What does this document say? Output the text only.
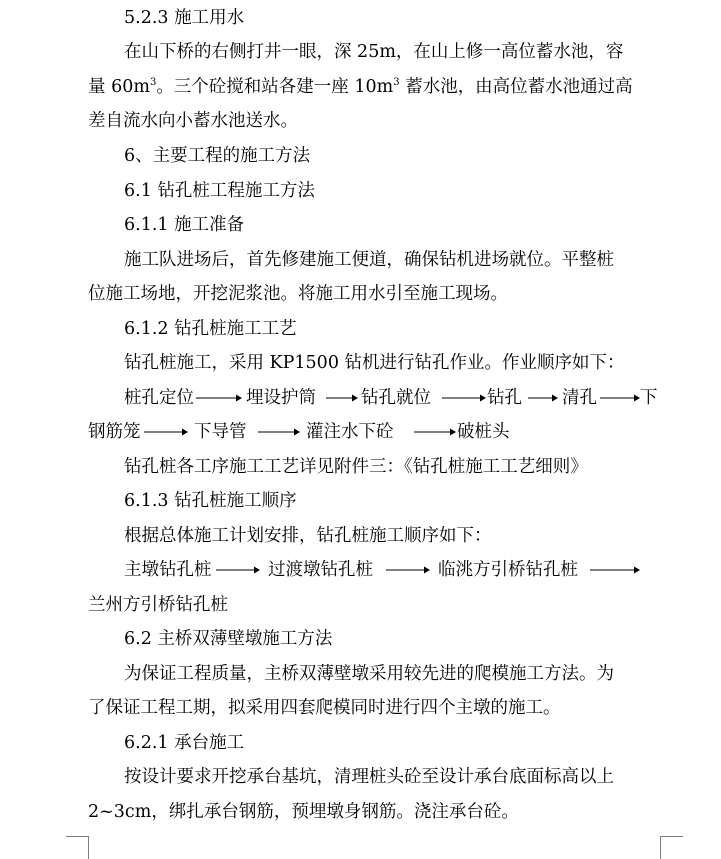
5.2.3 施工用水
在山下桥的右侧打井一眼，深 25m，在山上修一高位蓄水池，容
量 $60m^3$。三个砼搅和站各建一座 $10m^3$ 蓄水池，由高位蓄水池通过高
差自流水向小蓄水池送水。
6、主要工程的施工方法
6.1 钻孔桩工程施工方法
6.1.1 施工准备
施工队进场后，首先修建施工便道，确保钻机进场就位。平整桩
位施工场地，开挖泥浆池。将施工用水引至施工现场。
6.1.2 钻孔桩施工工艺
钻孔桩施工，采用 KP1500 钻机进行钻孔作业。作业顺序如下：
桩孔定位	埋设护筒	钻孔就位	钻孔 清孔 下
钢筋笼	下导管	灌注水下砼	破桩头
钻孔桩各工序施工工艺详见附件三：《钻孔桩施工工艺细则》
6.1.3 钻孔桩施工顺序
根据总体施工计划安排，钻孔桩施工顺序如下：
主墩钻孔桩	过渡墩钻孔桩	临洮方引桥钻孔桩
兰州方引桥钻孔桩
6.2 主桥双薄壁墩施工方法
为保证工程质量，主桥双薄壁墩采用较先进的爬模施工方法。为
了保证工程工期，拟采用四套爬模同时进行四个主墩的施工。
6.2.1 承台施工
按设计要求开挖承台基坑，清理桩头砼至设计承台底面标高以上
2~3cm，绑扎承台钢筋，预埋墩身钢筋。浇注承台砼。
